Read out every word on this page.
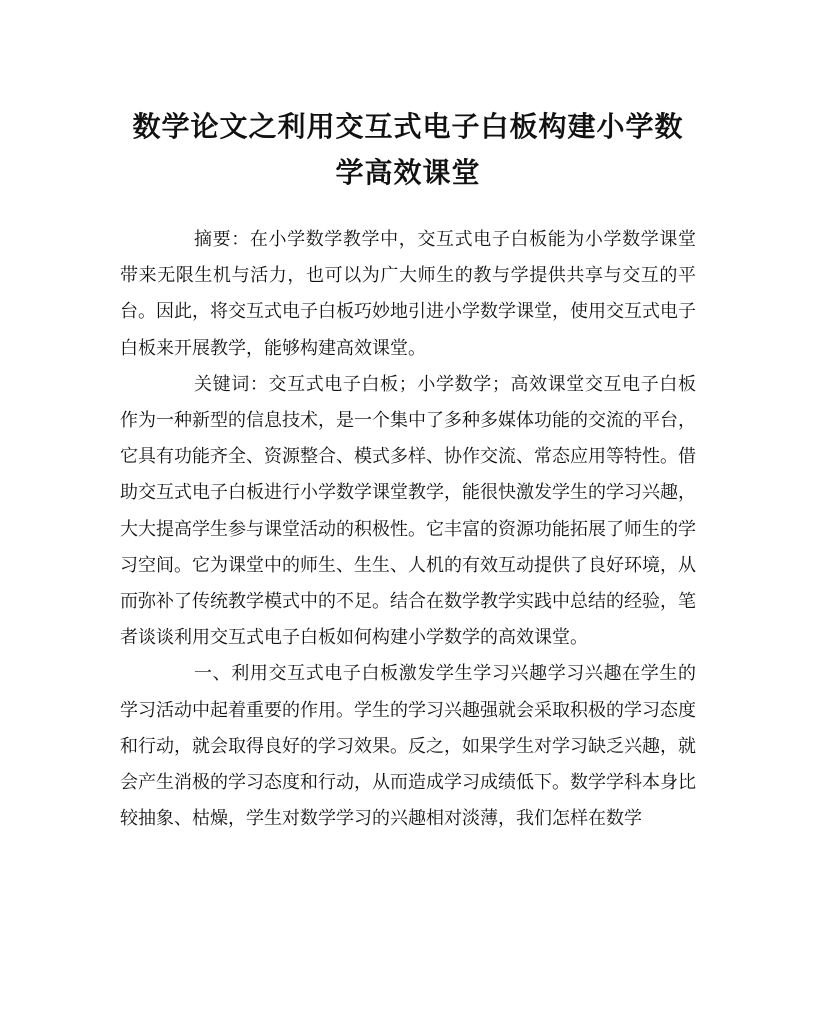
数学论文之利用交互式电子白板构建小学数学高效课堂

摘要：在小学数学教学中，交互式电子白板能为小学数学课堂带来无限生机与活力，也可以为广大师生的教与学提供共享与交互的平台。因此，将交互式电子白板巧妙地引进小学数学课堂，使用交互式电子白板来开展教学，能够构建高效课堂。

关键词：交互式电子白板；小学数学；高效课堂交互电子白板作为一种新型的信息技术，是一个集中了多种多媒体功能的交流的平台，它具有功能齐全、资源整合、模式多样、协作交流、常态应用等特性。借助交互式电子白板进行小学数学课堂教学，能很快激发学生的学习兴趣，大大提高学生参与课堂活动的积极性。它丰富的资源功能拓展了师生的学习空间。它为课堂中的师生、生生、人机的有效互动提供了良好环境，从而弥补了传统教学模式中的不足。结合在数学教学实践中总结的经验，笔者谈谈利用交互式电子白板如何构建小学数学的高效课堂。

一、利用交互式电子白板激发学生学习兴趣学习兴趣在学生的学习活动中起着重要的作用。学生的学习兴趣强就会采取积极的学习态度和行动，就会取得良好的学习效果。反之，如果学生对学习缺乏兴趣，就会产生消极的学习态度和行动，从而造成学习成绩低下。数学学科本身比较抽象、枯燥，学生对数学学习的兴趣相对淡薄，我们怎样在数学
